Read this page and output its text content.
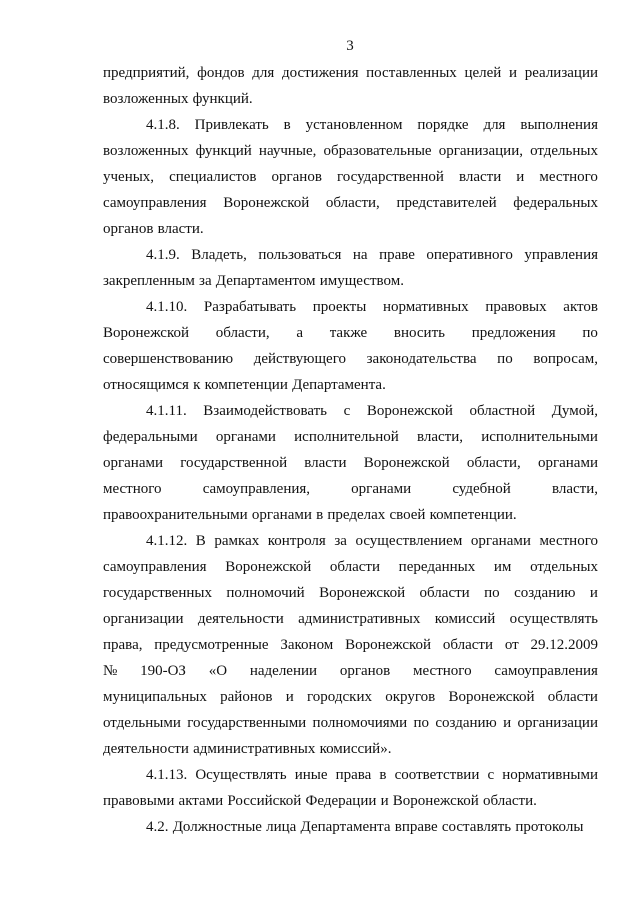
3
предприятий, фондов для достижения поставленных целей и реализации
возложенных функций.
4.1.8. Привлекать в установленном порядке для выполнения
возложенных функций научные, образовательные организации, отдельных
ученых, специалистов органов государственной власти и местного
самоуправления Воронежской области, представителей федеральных
органов власти.
4.1.9. Владеть, пользоваться на праве оперативного управления
закрепленным за Департаментом имуществом.
4.1.10. Разрабатывать проекты нормативных правовых актов
Воронежской области, а также вносить предложения по
совершенствованию действующего законодательства по вопросам,
относящимся к компетенции Департамента.
4.1.11. Взаимодействовать с Воронежской областной Думой,
федеральными органами исполнительной власти, исполнительными
органами государственной власти Воронежской области, органами
местного	самоуправления,	органами	судебной	власти,
правоохранительными органами в пределах своей компетенции.
4.1.12. В рамках контроля за осуществлением органами местного
самоуправления Воронежской области переданных им отдельных
государственных полномочий Воронежской области по созданию и
организации деятельности административных комиссий осуществлять
права, предусмотренные Законом Воронежской области от 29.12.2009
№ 190-ОЗ «О наделении органов местного самоуправления
муниципальных районов и городских округов Воронежской области
отдельными государственными полномочиями по созданию и организации
деятельности административных комиссий».
4.1.13. Осуществлять иные права в соответствии с нормативными
правовыми актами Российской Федерации и Воронежской области.
4.2. Должностные лица Департамента вправе составлять протоколы
